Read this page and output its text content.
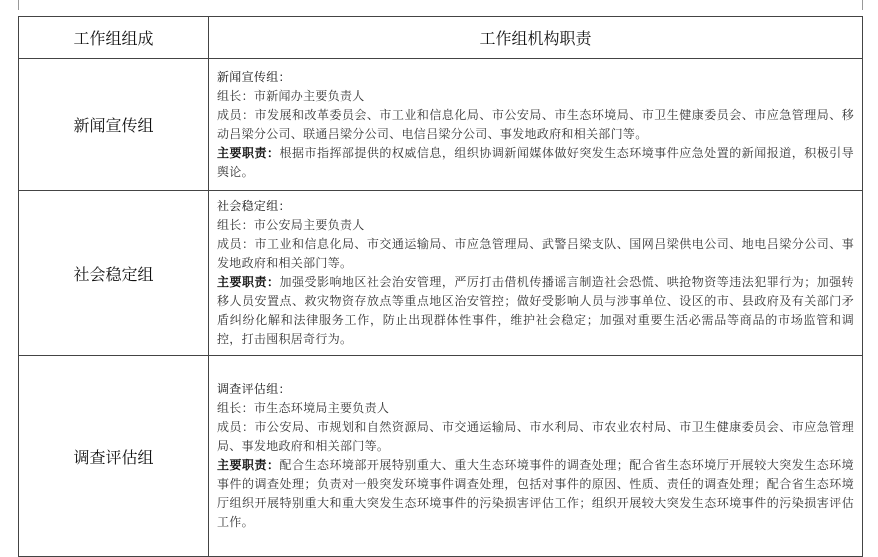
工作组组成	工作组机构职责
新闻宣传组	新闻宣传组：
组长：市新闻办主要负责人
成员：市发展和改革委员会、市工业和信息化局、市公安局、市生态环境局、市卫生健康委员会、市应急管理局、移动吕梁分公司、联通吕梁分公司、电信吕梁分公司、事发地政府和相关部门等。
主要职责：根据市指挥部提供的权威信息，组织协调新闻媒体做好突发生态环境事件应急处置的新闻报道，积极引导舆论。

社会稳定组	社会稳定组：
组长：市公安局主要负责人
成员：市工业和信息化局、市交通运输局、市应急管理局、武警吕梁支队、国网吕梁供电公司、地电吕梁分公司、事发地政府和相关部门等。
主要职责：加强受影响地区社会治安管理，严厉打击借机传播谣言制造社会恐慌、哄抢物资等违法犯罪行为；加强转移人员安置点、救灾物资存放点等重点地区治安管控；做好受影响人员与涉事单位、设区的市、县政府及有关部门矛盾纠纷化解和法律服务工作，防止出现群体性事件，维护社会稳定；加强对重要生活必需品等商品的市场监管和调控，打击囤积居奇行为。

调查评估组	调查评估组：
组长：市生态环境局主要负责人
成员：市公安局、市规划和自然资源局、市交通运输局、市水利局、市农业农村局、市卫生健康委员会、市应急管理局、事发地政府和相关部门等。
主要职责：配合生态环境部开展特别重大、重大生态环境事件的调查处理；配合省生态环境厅开展较大突发生态环境事件的调查处理；负责对一般突发环境事件调查处理，包括对事件的原因、性质、责任的调查处理；配合省生态环境厅组织开展特别重大和重大突发生态环境事件的污染损害评估工作；组织开展较大突发生态环境事件的污染损害评估工作。
